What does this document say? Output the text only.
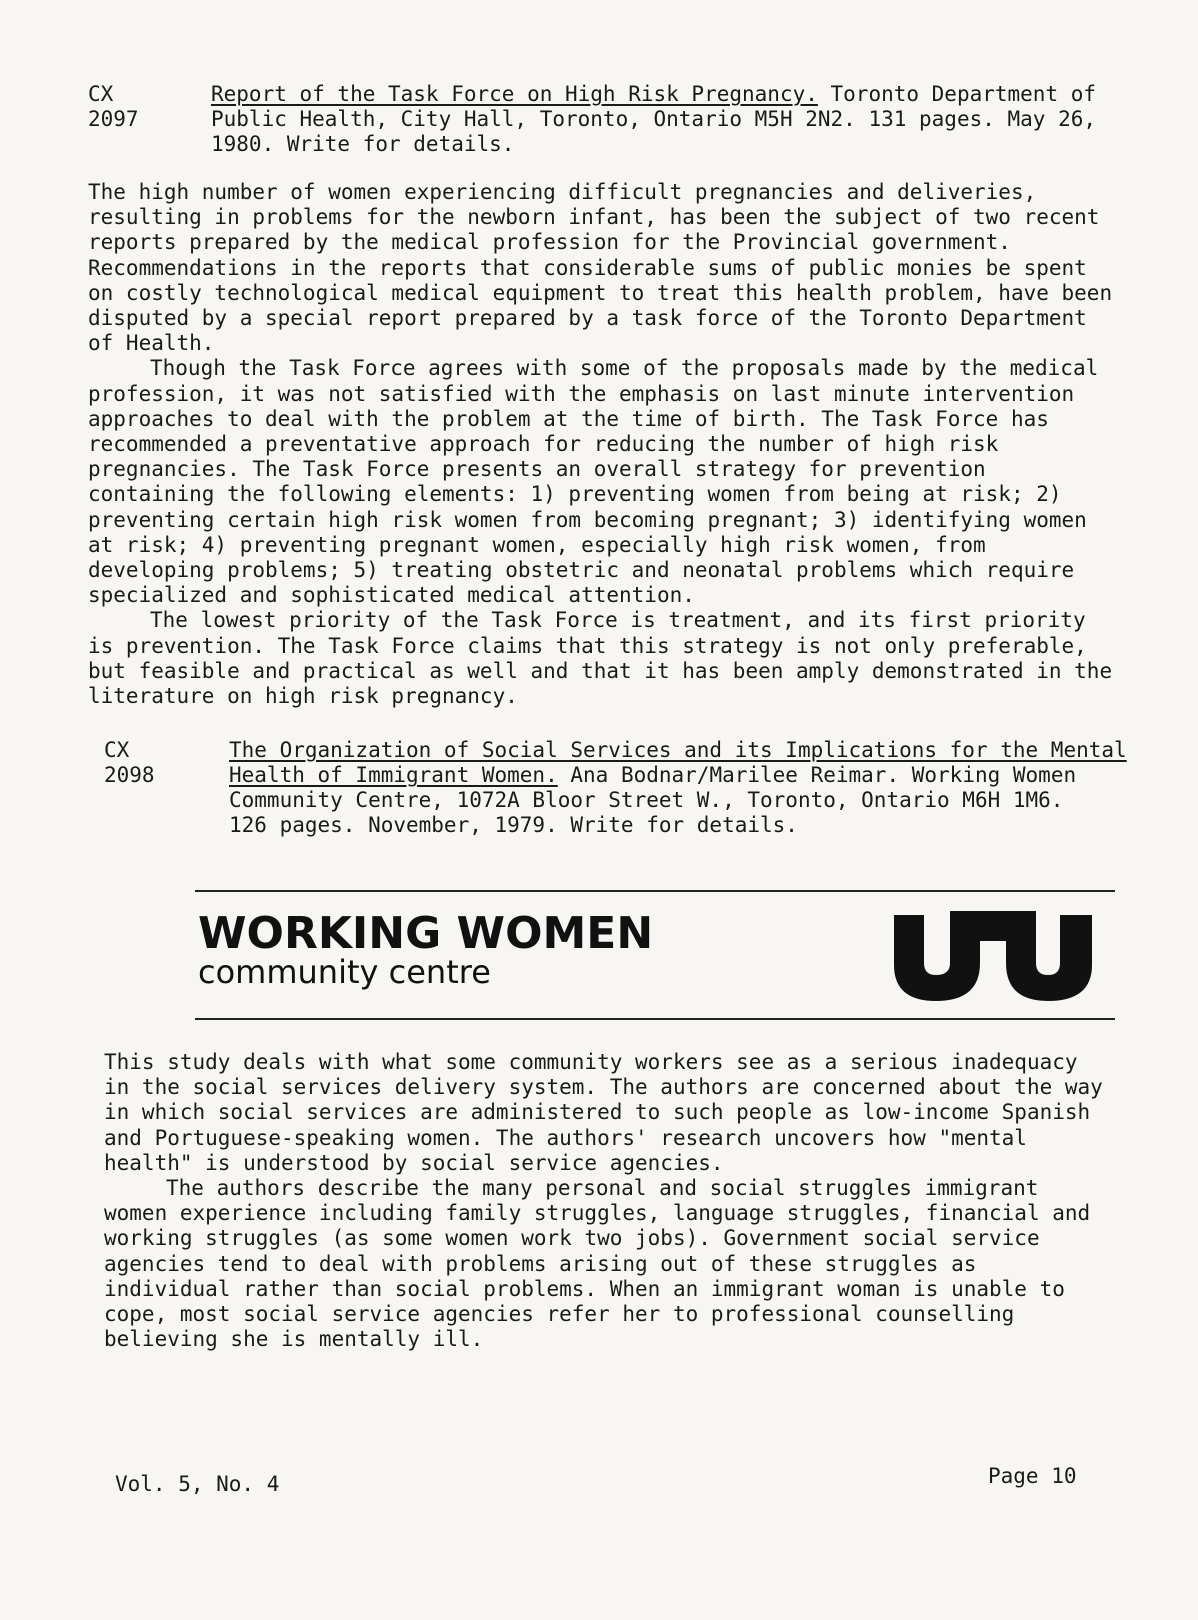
CX
2097
Report of the Task Force on High Risk Pregnancy. Toronto Department of
Public Health, City Hall, Toronto, Ontario M5H 2N2. 131 pages. May 26,
1980. Write for details.

The high number of women experiencing difficult pregnancies and deliveries, resulting in problems for the newborn infant, has been the subject of two recent reports prepared by the medical profession for the Provincial government. Recommendations in the reports that considerable sums of public monies be spent on costly technological medical equipment to treat this health problem, have been disputed by a special report prepared by a task force of the Toronto Department of Health.

Though the Task Force agrees with some of the proposals made by the medical profession, it was not satisfied with the emphasis on last minute intervention approaches to deal with the problem at the time of birth. The Task Force has recommended a preventative approach for reducing the number of high risk pregnancies. The Task Force presents an overall strategy for prevention containing the following elements: 1) preventing women from being at risk; 2) preventing certain high risk women from becoming pregnant; 3) identifying women at risk; 4) preventing pregnant women, especially high risk women, from developing problems; 5) treating obstetric and neonatal problems which require specialized and sophisticated medical attention.

The lowest priority of the Task Force is treatment, and its first priority is prevention. The Task Force claims that this strategy is not only preferable, but feasible and practical as well and that it has been amply demonstrated in the literature on high risk pregnancy.

CX
2098
The Organization of Social Services and its Implications for the Mental
Health of Immigrant Women. Ana Bodnar/Marilee Reimar. Working Women
Community Centre, 1072A Bloor Street W., Toronto, Ontario M6H 1M6.
126 pages. November, 1979. Write for details.
WORKING WOMEN
community centre

This study deals with what some community workers see as a serious inadequacy in the social services delivery system. The authors are concerned about the way in which social services are administered to such people as low-income Spanish and Portuguese-speaking women. The authors' research uncovers how "mental health" is understood by social service agencies.

The authors describe the many personal and social struggles immigrant women experience including family struggles, language struggles, financial and working struggles (as some women work two jobs). Government social service agencies tend to deal with problems arising out of these struggles as individual rather than social problems. When an immigrant woman is unable to cope, most social service agencies refer her to professional counselling believing she is mentally ill.

Vol. 5, No. 4	Page 10
